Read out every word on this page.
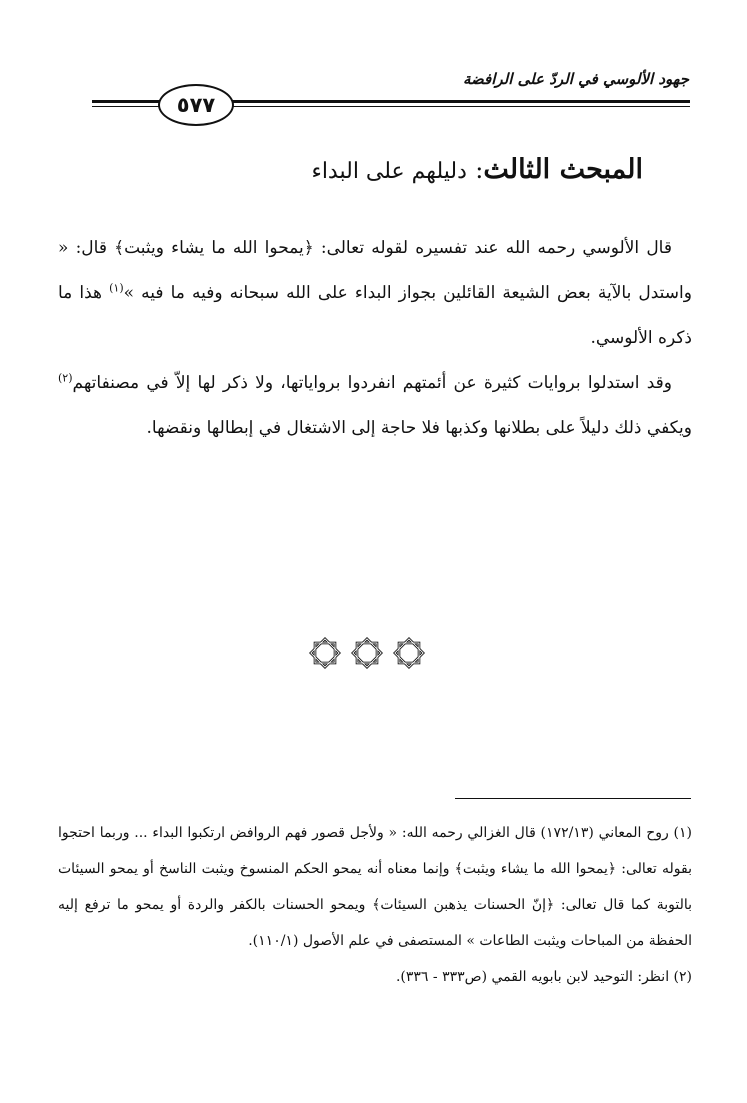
جهود الألوسي في الردّ على الرافضة
٥٧٧
المبحث الثالث: دليلهم على البداء

قال الألوسي رحمه الله عند تفسيره لقوله تعالى: ﴿يمحوا الله ما يشاء ويثبت﴾ قال: « واستدل بالآية بعض الشيعة القائلين بجواز البداء على الله سبحانه وفيه ما فيه »$^{(١)}$ هذا ما ذكره الألوسي.

وقد استدلوا بروايات كثيرة عن أئمتهم انفردوا برواياتها، ولا ذكر لها إلاّ في مصنفاتهم$^{(٢)}$ ويكفي ذلك دليلاً على بطلانها وكذبها فلا حاجة إلى الاشتغال في إبطالها ونقضها.

(١) روح المعاني (١٧٢/١٣) قال الغزالي رحمه الله: « ولأجل قصور فهم الروافض ارتكبوا البداء ... وربما احتجوا بقوله تعالى: ﴿يمحوا الله ما يشاء ويثبت﴾ وإنما معناه أنه يمحو الحكم المنسوخ ويثبت الناسخ أو يمحو السيئات بالتوبة كما قال تعالى: ﴿إنّ الحسنات يذهبن السيئات﴾ ويمحو الحسنات بالكفر والردة أو يمحو ما ترفع إليه الحفظة من المباحات ويثبت الطاعات » المستصفى في علم الأصول (١١٠/١).

(٢) انظر: التوحيد لابن بابويه القمي (ص٣٣٣ - ٣٣٦).
